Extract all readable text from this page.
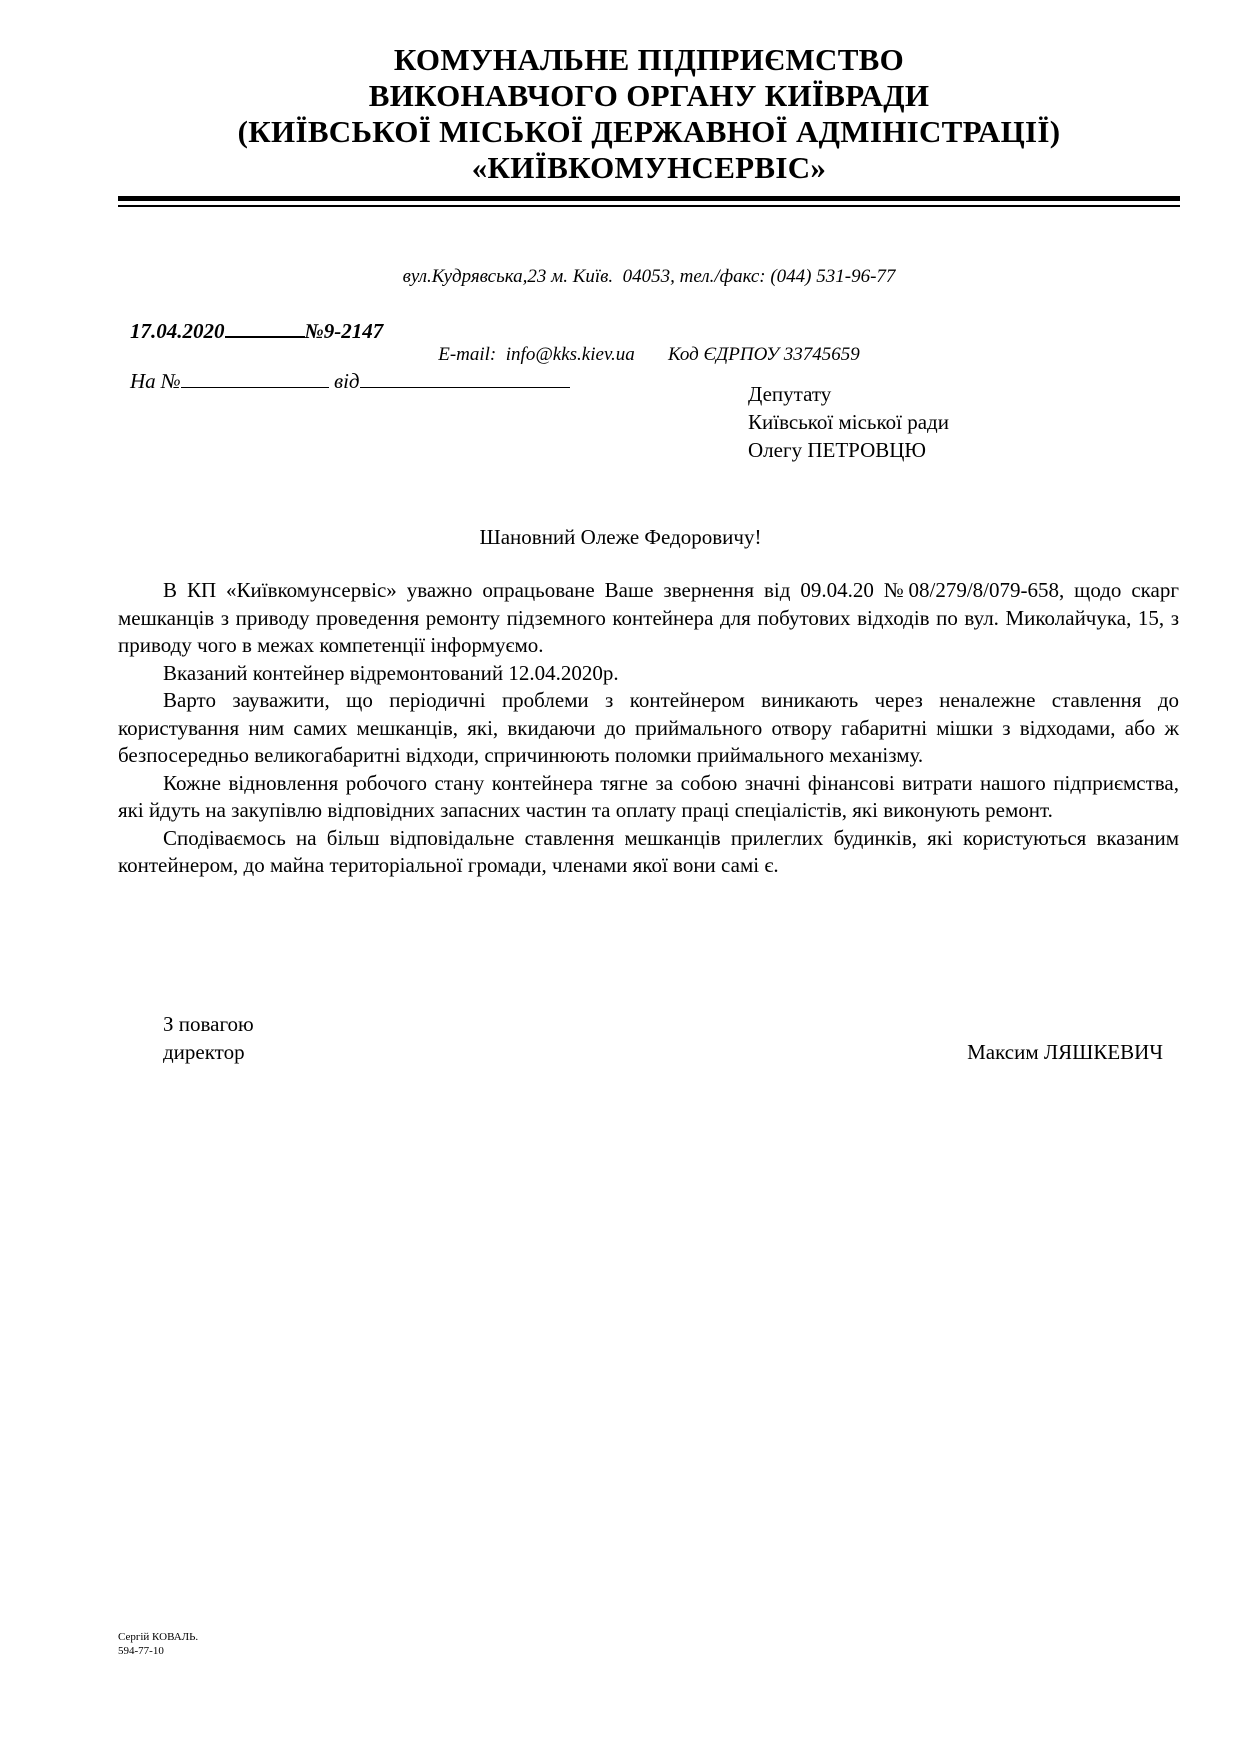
КОМУНАЛЬНЕ ПІДПРИЄМСТВО
ВИКОНАВЧОГО ОРГАНУ КИЇВРАДИ
(КИЇВСЬКОЇ МІСЬКОЇ ДЕРЖАВНОЇ АДМІНІСТРАЦІЇ)
«КИЇВКОМУНСЕРВІС»

вул.Кудрявська,23 м. Київ.  04053, тел./факс: (044) 531-96-77

E-mail:  info@kks.kiev.ua       Код ЄДРПОУ 33745659

17.04.2020	№9-2147
На №	від
Депутату
Київської міської ради
Олегу ПЕТРОВЦЮ
Шановний Олеже Федоровичу!

В КП «Київкомунсервіс» уважно опрацьоване Ваше звернення від 09.04.20 №08/279/8/079-658, щодо скарг мешканців з приводу проведення ремонту підземного контейнера для побутових відходів по вул. Миколайчука, 15, з приводу чого в межах компетенції інформуємо.

Вказаний контейнер відремонтований 12.04.2020р.

Варто зауважити, що періодичні проблеми з контейнером виникають через неналежне ставлення до користування ним самих мешканців, які, вкидаючи до приймального отвору габаритні мішки з відходами, або ж безпосередньо великогабаритні відходи, спричинюють поломки приймального механізму.

Кожне відновлення робочого стану контейнера тягне за собою значні фінансові витрати нашого підприємства, які йдуть на закупівлю відповідних запасних частин та оплату праці спеціалістів, які виконують ремонт.

Сподіваємось на більш відповідальне ставлення мешканців прилеглих будинків, які користуються вказаним контейнером, до майна територіальної громади, членами якої вони самі є.

З повагою
директор	Максим ЛЯШКЕВИЧ
Сергій КОВАЛЬ.
594-77-10
